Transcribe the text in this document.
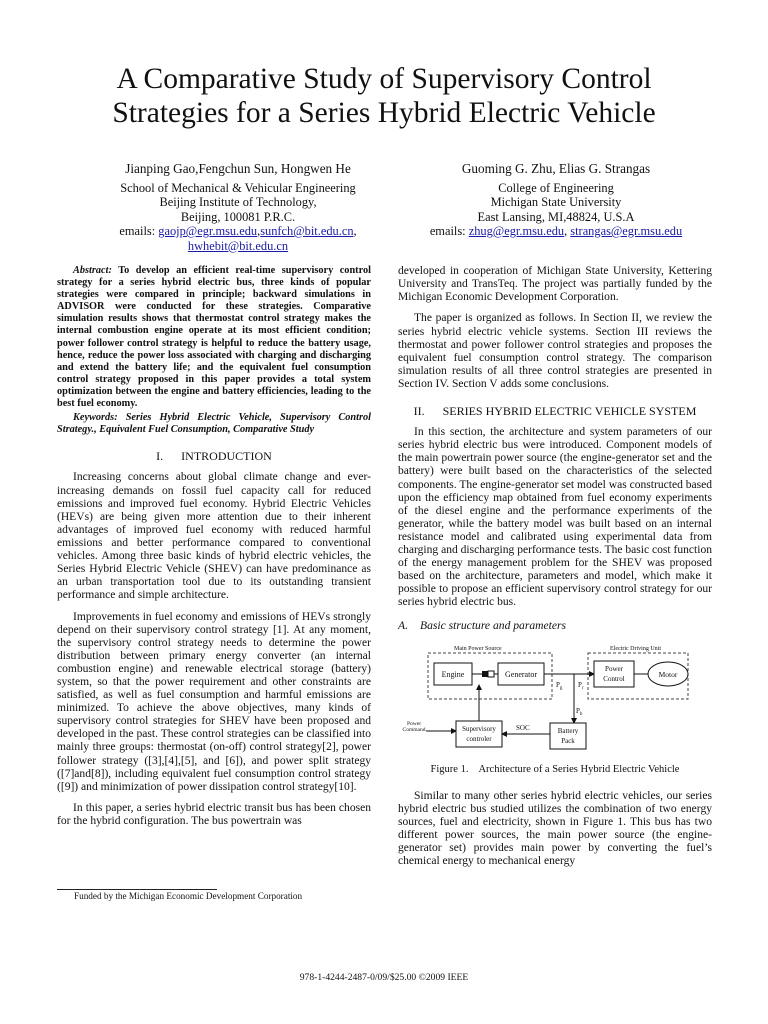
A Comparative Study of Supervisory Control
Strategies for a Series Hybrid Electric Vehicle
Jianping Gao,Fengchun Sun, Hongwen He
School of Mechanical & Vehicular Engineering
Beijing Institute of Technology,
Beijing, 100081 P.R.C.
emails: gaojp@egr.msu.edu,sunfch@bit.edu.cn,
hwhebit@bit.edu.cn
Guoming G. Zhu, Elias G. Strangas
College of Engineering
Michigan State University
East Lansing, MI,48824, U.S.A
emails: zhug@egr.msu.edu, strangas@egr.msu.edu

Abstract: To develop an efficient real-time supervisory control strategy for a series hybrid electric bus, three kinds of popular strategies were compared in principle; backward simulations in ADVISOR were conducted for these strategies. Comparative simulation results shows that thermostat control strategy makes the internal combustion engine operate at its most efficient condition; power follower control strategy is helpful to reduce the battery usage, hence, reduce the power loss associated with charging and discharging and extend the battery life; and the equivalent fuel consumption control strategy proposed in this paper provides a total system optimization between the engine and battery efficiencies, leading to the best fuel economy.

Keywords: Series Hybrid Electric Vehicle, Supervisory Control Strategy., Equivalent Fuel Consumption, Comparative Study

I. INTRODUCTION

Increasing concerns about global climate change and ever-increasing demands on fossil fuel capacity call for reduced emissions and improved fuel economy. Hybrid Electric Vehicles (HEVs) are being given more attention due to their inherent advantages of improved fuel economy with reduced harmful emissions and better performance compared to conventional vehicles. Among three basic kinds of hybrid electric vehicles, the Series Hybrid Electric Vehicle (SHEV) can have predominance as an urban transportation tool due to its outstanding transient performance and simple architecture.

Improvements in fuel economy and emissions of HEVs strongly depend on their supervisory control strategy [1]. At any moment, the supervisory control strategy needs to determine the power distribution between primary energy converter (an internal combustion engine) and renewable electrical storage (battery) system, so that the power requirement and other constraints are satisfied, as well as fuel consumption and harmful emissions are minimized. To achieve the above objectives, many kinds of supervisory control strategies for SHEV have been proposed and developed in the past. These control strategies can be classified into mainly three groups: thermostat (on-off) control strategy[2], power follower strategy ([3],[4],[5], and [6]), and power split strategy ([7]and[8]), including equivalent fuel consumption control strategy ([9]) and minimization of power dissipation control strategy[10].

In this paper, a series hybrid electric transit bus has been chosen for the hybrid configuration. The bus powertrain was

developed in cooperation of Michigan State University, Kettering University and TransTeq. The project was partially funded by the Michigan Economic Development Corporation.

The paper is organized as follows. In Section II, we review the series hybrid electric vehicle systems. Section III reviews the thermostat and power follower control strategies and proposes the equivalent fuel consumption control strategy. The comparison simulation results of all three control strategies are presented in Section IV. Section V adds some conclusions.

II. SERIES HYBRID ELECTRIC VEHICLE SYSTEM

In this section, the architecture and system parameters of our series hybrid electric bus were introduced. Component models of the main powertrain power source (the engine-generator set and the battery) were built based on the characteristics of the selected components. The engine-generator set model was constructed based upon the efficiency map obtained from fuel economy experiments of the diesel engine and the performance experiments of the generator, while the battery model was built based on an internal resistance model and calibrated using experimental data from charging and discharging performance tests. The basic cost function of the energy management problem for the SHEV was proposed based on the architecture, parameters and model, which make it possible to propose an efficient supervisory control strategy for our series hybrid electric bus.

A. Basic structure and parameters
Main Power Source	Electric Driving Unit
Engine	Generator
$P_g$ $P_r$
$P_b$
Power
Control	Motor
Power
Command	Supervisory
controler
SOC	Battery
Pack
Figure 1. Architecture of a Series Hybrid Electric Vehicle

Similar to many other series hybrid electric vehicles, our series hybrid electric bus studied utilizes the combination of two energy sources, fuel and electricity, shown in Figure 1. This bus has two different power sources, the main power source (the engine-generator set) provides main power by converting the fuel’s chemical energy to mechanical energy

Funded by the Michigan Economic Development Corporation
978-1-4244-2487-0/09/$25.00 ©2009 IEEE
